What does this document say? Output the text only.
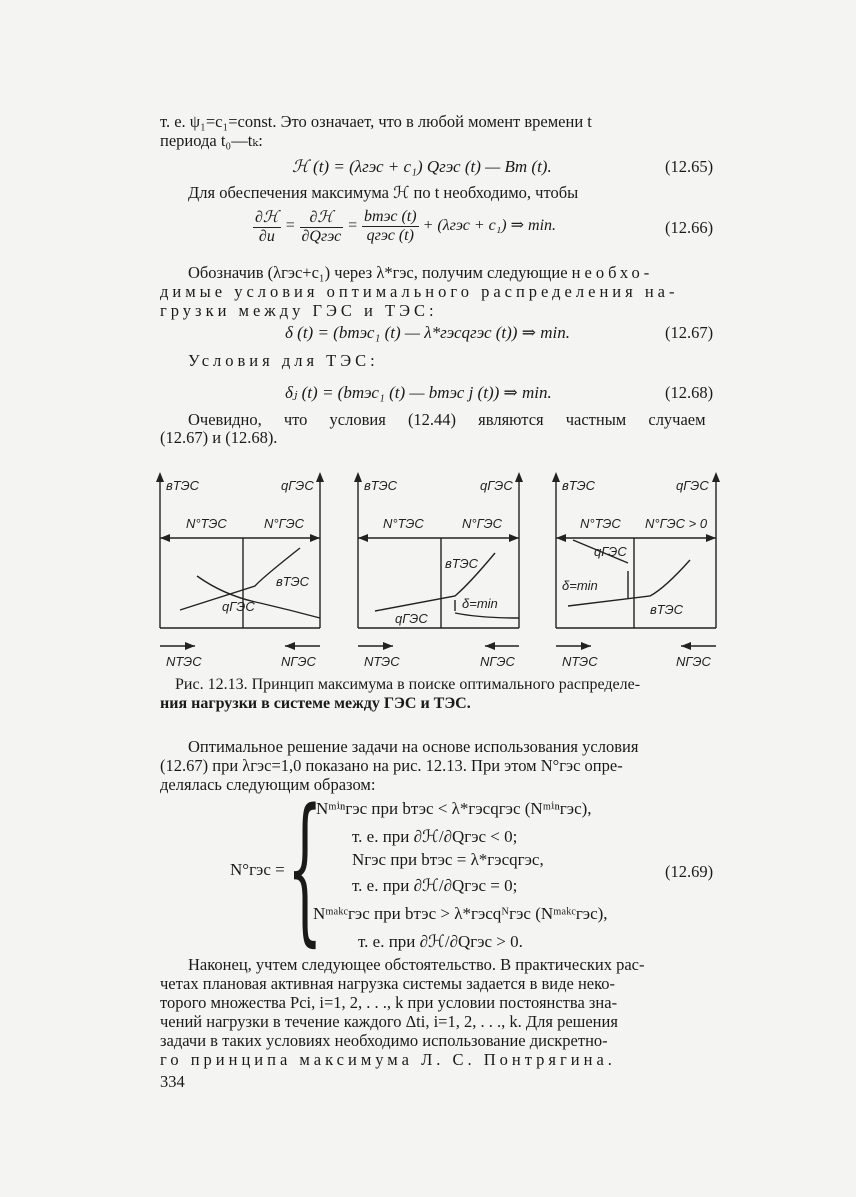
т. е. ψ₁=c₁=const. Это означает, что в любой момент времени t
периода t₀—tₖ:
ℋ (t) = (λгэс + c₁) Qгэс (t) — Bт (t).	(12.65)
Для обеспечения максимума ℋ по t необходимо, чтобы
$\frac{\text{∂ℋ}}{\partial u} = \frac{\text{∂ℋ}}{\text{∂Qгэс}} = \frac{\text{bтэс (t)}}{\text{qгэс (t)}} + (\lambda гэс + c_1)$ ⇒ min.	(12.66)
Обозначив (λгэс+c₁) через λ*гэс, получим следующие необхо-
димые условия оптимального распределения на-
грузки между ГЭС и ТЭС:
δ (t) = (bтэс₁ (t) — λ*гэсqгэс (t)) ⇒ min.	(12.67)
Условия для ТЭС:
δⱼ (t) = (bтэс₁ (t) — bтэс j (t)) ⇒ min.	(12.68)
Очевидно, что условия (12.44) являются частным случаем
(12.67) и (12.68).
вТЭС	qГЭС
N°ТЭС	N°ГЭС
вТЭС
qГЭС
NТЭС	NГЭС
вТЭС	qГЭС
N°ТЭС	N°ГЭС
вТЭС
δ=min
qГЭС
NТЭС	NГЭС
вТЭС	qГЭС
N°ТЭС N°ГЭС > 0
qГЭС
δ=min
вТЭС
NТЭС	NГЭС
Рис. 12.13. Принцип максимума в поиске оптимального распределе-
ния нагрузки в системе между ГЭС и ТЭС.
Оптимальное решение задачи на основе использования условия
(12.67) при λгэс=1,0 показано на рис. 12.13. При этом N°гэс опре-
делялась следующим образом:
N°гэс = {
Nᵐⁱⁿгэс при bтэс < λ*гэсqгэс (Nᵐⁱⁿгэс),
т. е. при ∂ℋ/∂Qгэс < 0;
Nгэс при bтэс = λ*гэсqгэс,
т. е. при ∂ℋ/∂Qгэс = 0;
Nᵐᵃᵏᶜгэс при bтэс > λ*гэсqᴺгэс (Nᵐᵃᵏᶜгэс),
т. е. при ∂ℋ/∂Qгэс > 0.
(12.69)
Наконец, учтем следующее обстоятельство. В практических рас-
четах плановая активная нагрузка системы задается в виде неко-
торого множества Pci, i=1, 2, . . ., k при условии постоянства зна-
чений нагрузки в течение каждого Δti, i=1, 2, . . ., k. Для решения
задачи в таких условиях необходимо использование дискретно-
го принципа максимума Л. С. Понтрягина.
334
